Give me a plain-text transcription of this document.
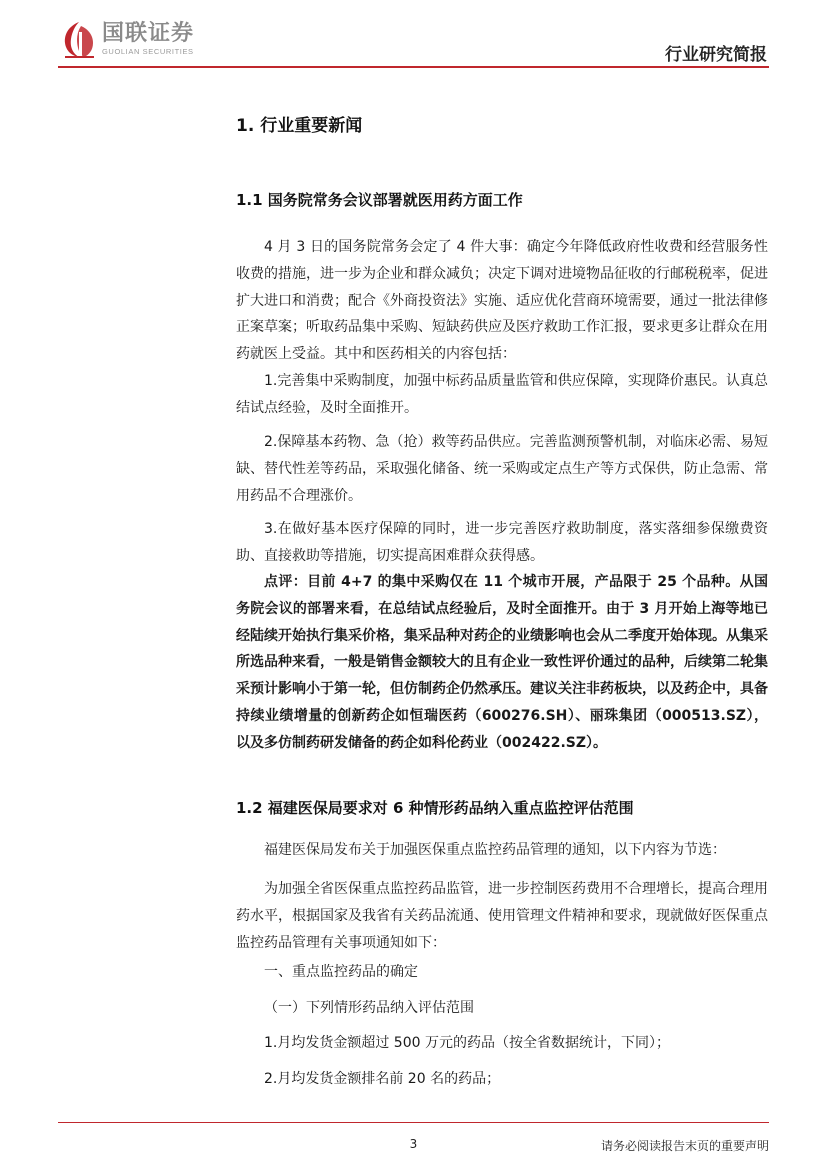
国联证券
GUOLIAN SECURITIES	行业研究简报
1. 行业重要新闻
1.1 国务院常务会议部署就医用药方面工作

4 月 3 日的国务院常务会定了 4 件大事：确定今年降低政府性收费和经营服务性收费的措施，进一步为企业和群众减负；决定下调对进境物品征收的行邮税税率，促进扩大进口和消费；配合《外商投资法》实施、适应优化营商环境需要，通过一批法律修正案草案；听取药品集中采购、短缺药供应及医疗救助工作汇报，要求更多让群众在用药就医上受益。其中和医药相关的内容包括：

1.完善集中采购制度，加强中标药品质量监管和供应保障，实现降价惠民。认真总结试点经验，及时全面推开。

2.保障基本药物、急（抢）救等药品供应。完善监测预警机制，对临床必需、易短缺、替代性差等药品，采取强化储备、统一采购或定点生产等方式保供，防止急需、常用药品不合理涨价。

3.在做好基本医疗保障的同时，进一步完善医疗救助制度，落实落细参保缴费资助、直接救助等措施，切实提高困难群众获得感。

点评：目前 4+7 的集中采购仅在 11 个城市开展，产品限于 25 个品种。从国务院会议的部署来看，在总结试点经验后，及时全面推开。由于 3 月开始上海等地已经陆续开始执行集采价格，集采品种对药企的业绩影响也会从二季度开始体现。从集采所选品种来看，一般是销售金额较大的且有企业一致性评价通过的品种，后续第二轮集采预计影响小于第一轮，但仿制药企仍然承压。建议关注非药板块，以及药企中，具备持续业绩增量的创新药企如恒瑞医药（600276.SH）、丽珠集团（000513.SZ），以及多仿制药研发储备的药企如科伦药业（002422.SZ）。

1.2 福建医保局要求对 6 种情形药品纳入重点监控评估范围
福建医保局发布关于加强医保重点监控药品管理的通知，以下内容为节选：

为加强全省医保重点监控药品监管，进一步控制医药费用不合理增长，提高合理用药水平，根据国家及我省有关药品流通、使用管理文件精神和要求，现就做好医保重点监控药品管理有关事项通知如下：

一、重点监控药品的确定
（一）下列情形药品纳入评估范围
1.月均发货金额超过 500 万元的药品（按全省数据统计，下同）；
2.月均发货金额排名前 20 名的药品；
3	请务必阅读报告末页的重要声明
